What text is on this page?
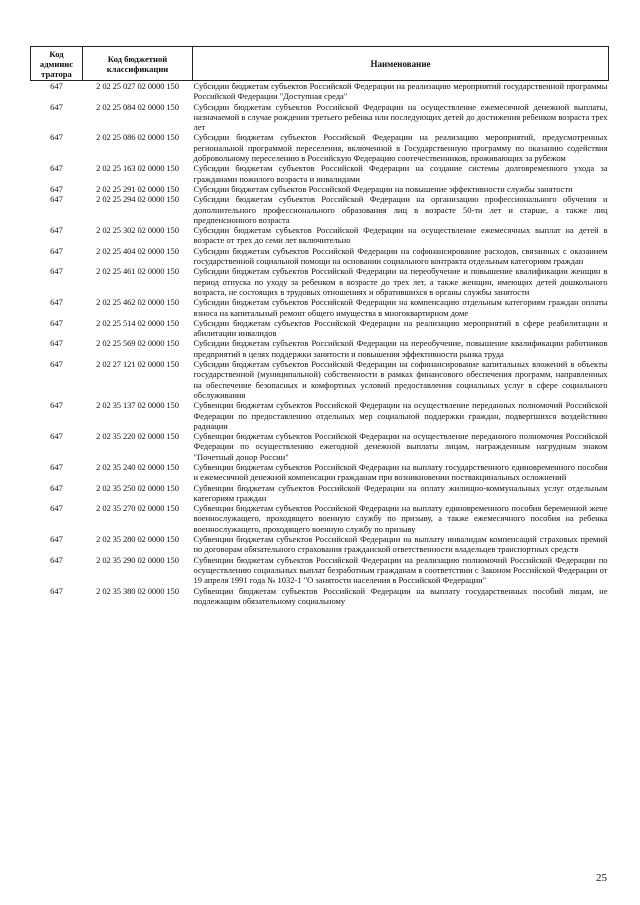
Код админис тратора	Код бюджетной классификации	Наименование
647	2 02 25 027 02 0000 150	Субсидии бюджетам субъектов Российской Федерации на реализацию мероприятий государственной программы Российской Федерации "Доступная среда"
647	2 02 25 084 02 0000 150	Субсидии бюджетам субъектов Российской Федерации на осуществление ежемесячной денежной выплаты, назначаемой в случае рождения третьего ребенка или последующих детей до достижения ребенком возраста трех лет
647	2 02 25 086 02 0000 150	Субсидии бюджетам субъектов Российской Федерации на реализацию мероприятий, предусмотренных региональной программой переселения, включенной в Государственную программу по оказанию содействия добровольному переселению в Российскую Федерацию соотечественников, проживающих за рубежом
647	2 02 25 163 02 0000 150	Субсидии бюджетам субъектов Российской Федерации на создание системы долговременного ухода за гражданами пожилого возраста и инвалидами
647	2 02 25 291 02 0000 150	Субсидии бюджетам субъектов Российской Федерации на повышение эффективности службы занятости
647	2 02 25 294 02 0000 150	Субсидии бюджетам субъектов Российской Федерации на организацию профессионального обучения и дополнительного профессионального образования лиц в возрасте 50-ти лет и старше, а также лиц предпенсионного возраста
647	2 02 25 302 02 0000 150	Субсидии бюджетам субъектов Российской Федерации на осуществление ежемесячных выплат на детей в возрасте от трех до семи лет включительно
647	2 02 25 404 02 0000 150	Субсидии бюджетам субъектов Российской Федерации на софинансирование расходов, связанных с оказанием государственной социальной помощи на основании социального контракта отдельным категориям граждан
647	2 02 25 461 02 0000 150	Субсидии бюджетам субъектов Российской Федерации на переобучение и повышение квалификации женщин в период отпуска по уходу за ребенком в возрасте до трех лет, а также женщин, имеющих детей дошкольного возраста, не состоящих в трудовых отношениях и обратившихся в органы службы занятости
647	2 02 25 462 02 0000 150	Субсидии бюджетам субъектов Российской Федерации на компенсацию отдельным категориям граждан оплаты взноса на капитальный ремонт общего имущества в многоквартирном доме
647	2 02 25 514 02 0000 150	Субсидии бюджетам субъектов Российской Федерации на реализацию мероприятий в сфере реабилитации и абилитации инвалидов
647	2 02 25 569 02 0000 150	Субсидии бюджетам субъектов Российской Федерации на переобучение, повышение квалификации работников предприятий в целях поддержки занятости и повышения эффективности рынка труда
647	2 02 27 121 02 0000 150	Субсидии бюджетам субъектов Российской Федерации на софинансирование капитальных вложений в объекты государственной (муниципальной) собственности в рамках финансового обеспечения программ, направленных на обеспечение безопасных и комфортных условий предоставления социальных услуг в сфере социального обслуживания
647	2 02 35 137 02 0000 150	Субвенции бюджетам субъектов Российской Федерации на осуществление переданных полномочий Российской Федерации по предоставлению отдельных мер социальной поддержки граждан, подвергшихся воздействию радиации
647	2 02 35 220 02 0000 150	Субвенции бюджетам субъектов Российской Федерации на осуществление переданного полномочия Российской Федерации по осуществлению ежегодной денежной выплаты лицам, награжденным нагрудным знаком "Почетный донор России"
647	2 02 35 240 02 0000 150	Субвенции бюджетам субъектов Российской Федерации на выплату государственного единовременного пособия и ежемесячной денежной компенсации гражданам при возникновении поствакцинальных осложнений
647	2 02 35 250 02 0000 150	Субвенции бюджетам субъектов Российской Федерации на оплату жилищно-коммунальных услуг отдельным категориям граждан
647	2 02 35 270 02 0000 150	Субвенции бюджетам субъектов Российской Федерации на выплату единовременного пособия беременной жене военнослужащего, проходящего военную службу по призыву, а также ежемесячного пособия на ребенка военнослужащего, проходящего военную службу по призыву
647	2 02 35 280 02 0000 150	Субвенции бюджетам субъектов Российской Федерации на выплату инвалидам компенсаций страховых премий по договорам обязательного страхования гражданской ответственности владельцев транспортных средств
647	2 02 35 290 02 0000 150	Субвенции бюджетам субъектов Российской Федерации на реализацию полномочий Российской Федерации по осуществлению социальных выплат безработным гражданам в соответствии с Законом Российской Федерации от 19 апреля 1991 года № 1032-1 "О занятости населения в Российской Федерации"
647	2 02 35 380 02 0000 150	Субвенции бюджетам субъектов Российской Федерации на выплату государственных пособий лицам, не подлежащим обязательному социальному
25
